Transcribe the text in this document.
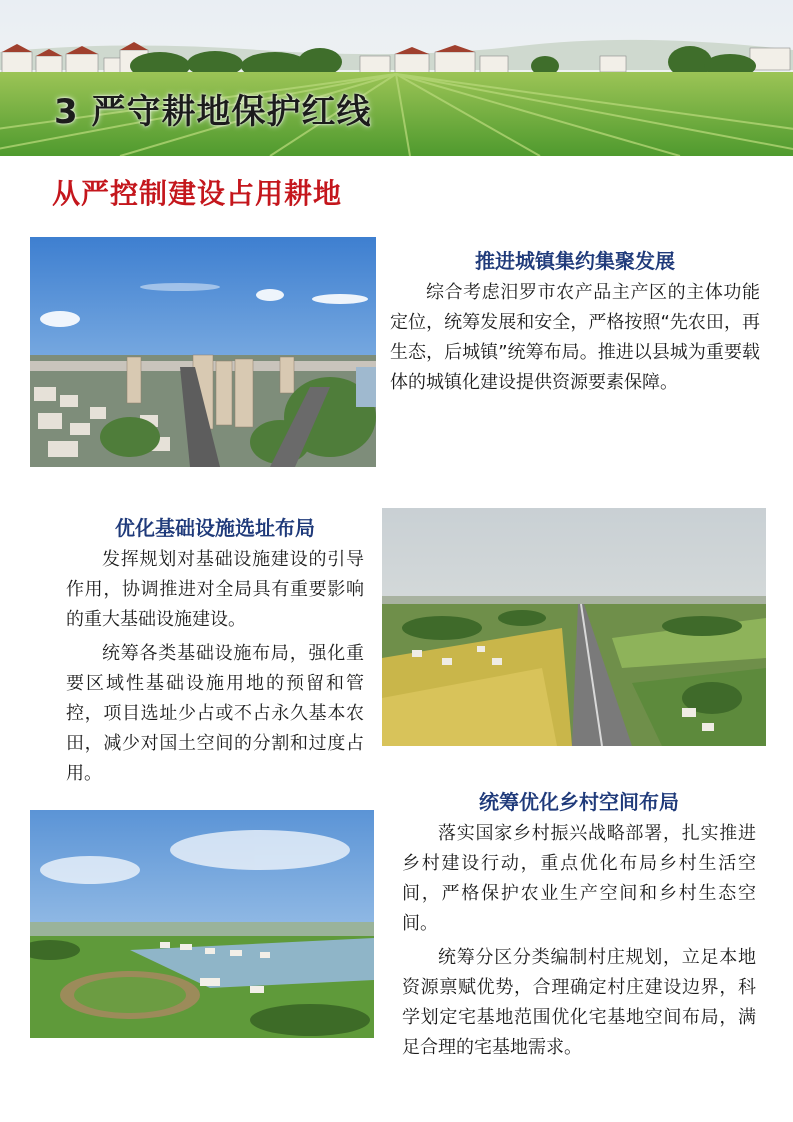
3 严守耕地保护红线
从严控制建设占用耕地
推进城镇集约集聚发展

综合考虑汨罗市农产品主产区的主体功能定位，统筹发展和安全，严格按照“先农田，再生态，后城镇”统筹布局。推进以县城为重要载体的城镇化建设提供资源要素保障。

优化基础设施选址布局

发挥规划对基础设施建设的引导作用，协调推进对全局具有重要影响的重大基础设施建设。

统筹各类基础设施布局，强化重要区域性基础设施用地的预留和管控，项目选址少占或不占永久基本农田，减少对国土空间的分割和过度占用。

统筹优化乡村空间布局

落实国家乡村振兴战略部署，扎实推进乡村建设行动，重点优化布局乡村生活空间，严格保护农业生产空间和乡村生态空间。

统筹分区分类编制村庄规划，立足本地资源禀赋优势，合理确定村庄建设边界，科学划定宅基地范围优化宅基地空间布局，满足合理的宅基地需求。
